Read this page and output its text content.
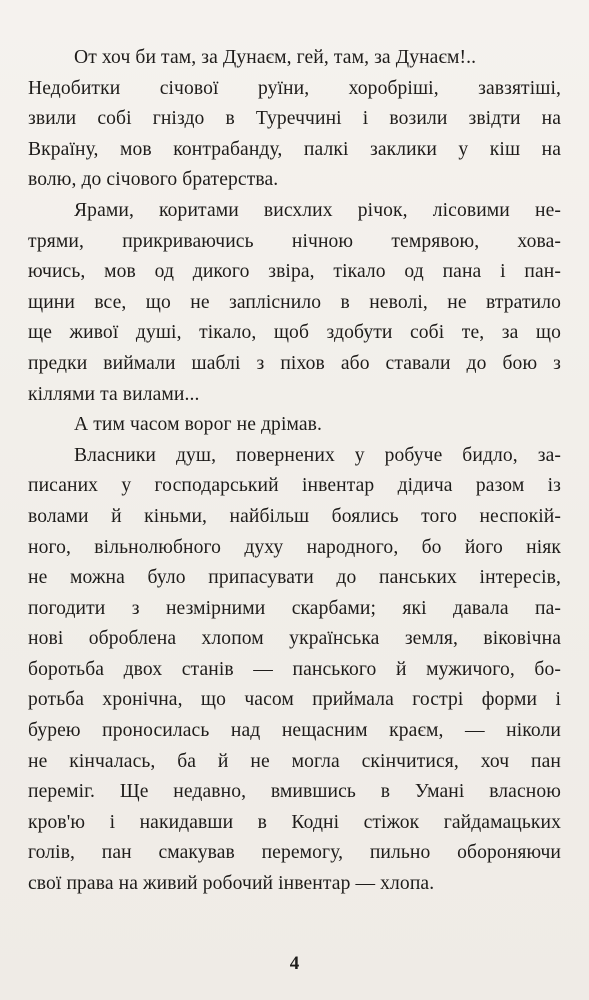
От хоч би там, за Дунаєм, гей, там, за Дунаєм!..
Недобитки січової руїни, хоробріші, завзятіші,
звили собі гніздо в Туреччині і возили звідти на
Вкраїну, мов контрабанду, палкі заклики у кіш на
волю, до січового братерства.
Ярами, коритами висхлих річок, лісовими не-
трями, прикриваючись нічною темрявою, хова-
ючись, мов од дикого звіра, тікало од пана і пан-
щини все, що не запліснило в неволі, не втратило
ще живої душі, тікало, щоб здобути собі те, за що
предки виймали шаблі з піхов або ставали до бою з
кіллями та вилами...
А тим часом ворог не дрімав.
Власники душ, повернених у робуче бидло, за-
писаних у господарський інвентар дідича разом із
волами й кіньми, найбільш боялись того неспокій-
ного, вільнолюбного духу народного, бо його ніяк
не можна було припасувати до панських інтересів,
погодити з незмірними скарбами; які давала па-
нові оброблена хлопом українська земля, віковічна
боротьба двох станів — панського й мужичого, бо-
ротьба хронічна, що часом приймала гострі форми і
бурею проносилась над нещасним краєм, — ніколи
не кінчалась, ба й не могла скінчитися, хоч пан
переміг. Ще недавно, вмившись в Умані власною
кров'ю і накидавши в Кодні стіжок гайдамацьких
голів, пан смакував перемогу, пильно обороняючи
свої права на живий робочий інвентар — хлопа.
4
